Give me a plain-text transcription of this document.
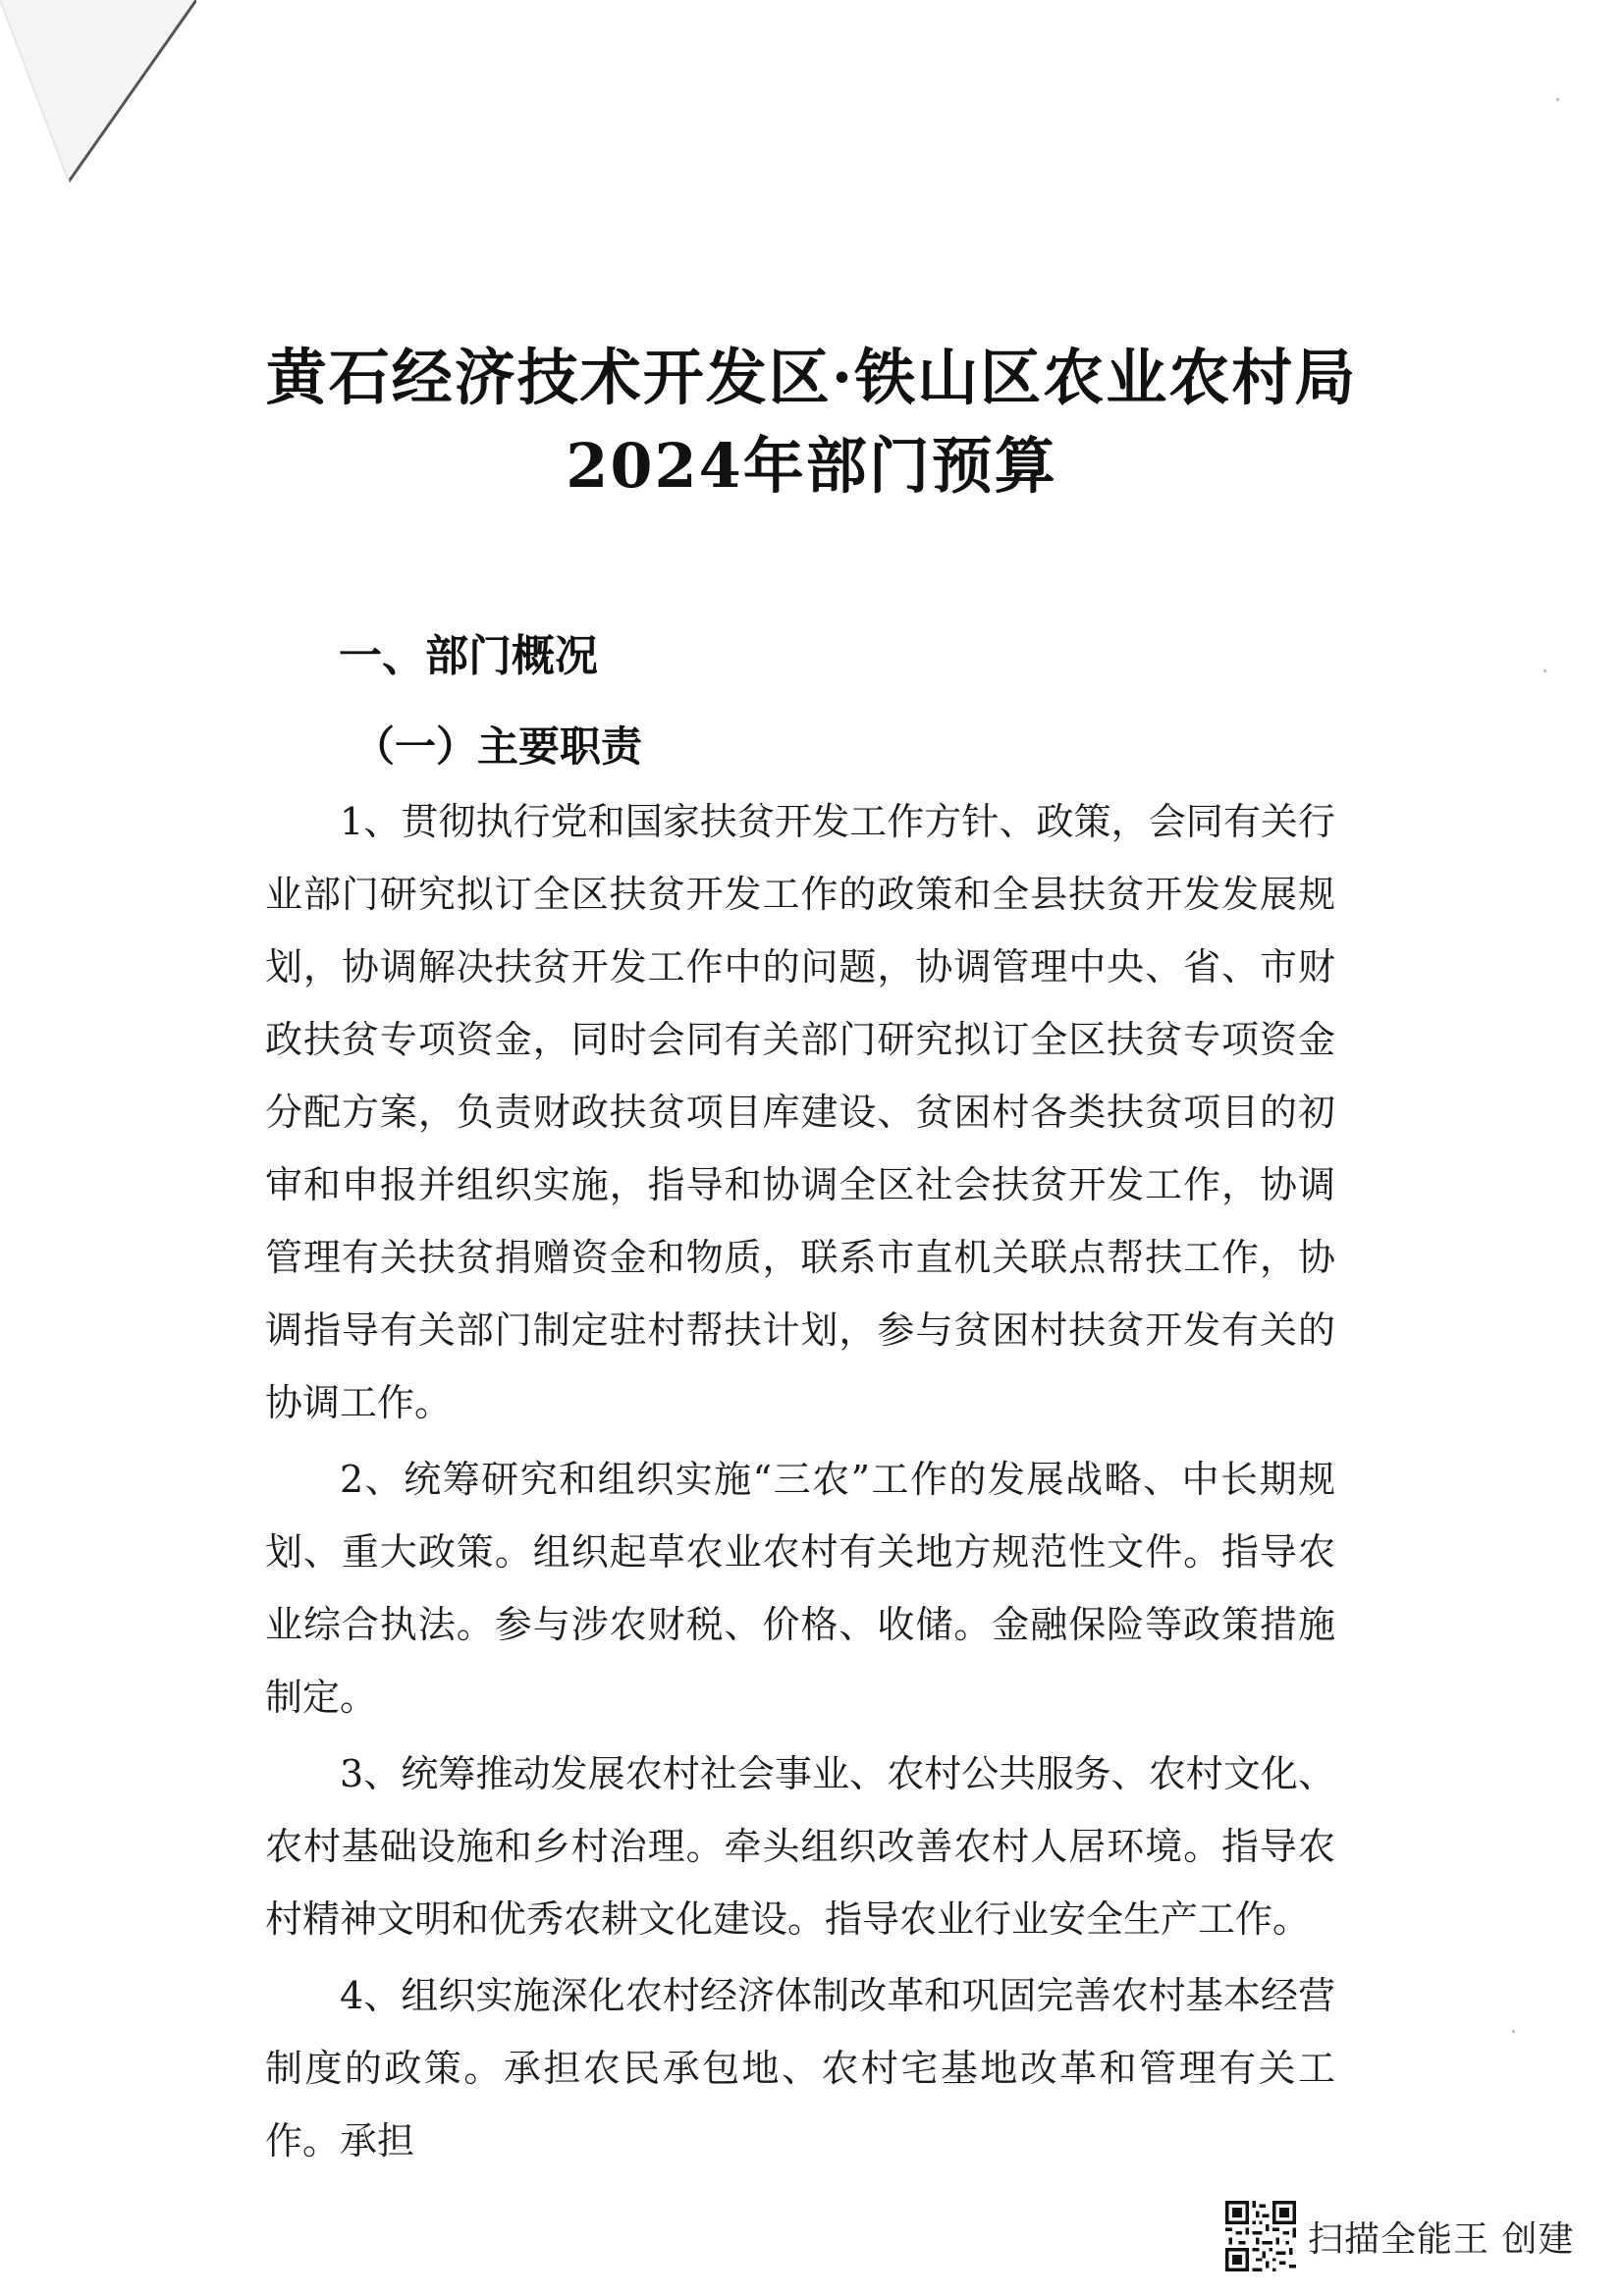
黄石经济技术开发区·铁山区农业农村局
2024年部门预算
一、部门概况
（一）主要职责

1、贯彻执行党和国家扶贫开发工作方针、政策，会同有关行业部门研究拟订全区扶贫开发工作的政策和全县扶贫开发发展规划，协调解决扶贫开发工作中的问题，协调管理中央、省、市财政扶贫专项资金，同时会同有关部门研究拟订全区扶贫专项资金分配方案，负责财政扶贫项目库建设、贫困村各类扶贫项目的初审和申报并组织实施，指导和协调全区社会扶贫开发工作，协调管理有关扶贫捐赠资金和物质，联系市直机关联点帮扶工作，协调指导有关部门制定驻村帮扶计划，参与贫困村扶贫开发有关的协调工作。

2、统筹研究和组织实施“三农”工作的发展战略、中长期规划、重大政策。组织起草农业农村有关地方规范性文件。指导农业综合执法。参与涉农财税、价格、收储。金融保险等政策措施制定。

3、统筹推动发展农村社会事业、农村公共服务、农村文化、农村基础设施和乡村治理。牵头组织改善农村人居环境。指导农村精神文明和优秀农耕文化建设。指导农业行业安全生产工作。

4、组织实施深化农村经济体制改革和巩固完善农村基本经营制度的政策。承担农民承包地、农村宅基地改革和管理有关工作。承担

扫描全能王 创建
